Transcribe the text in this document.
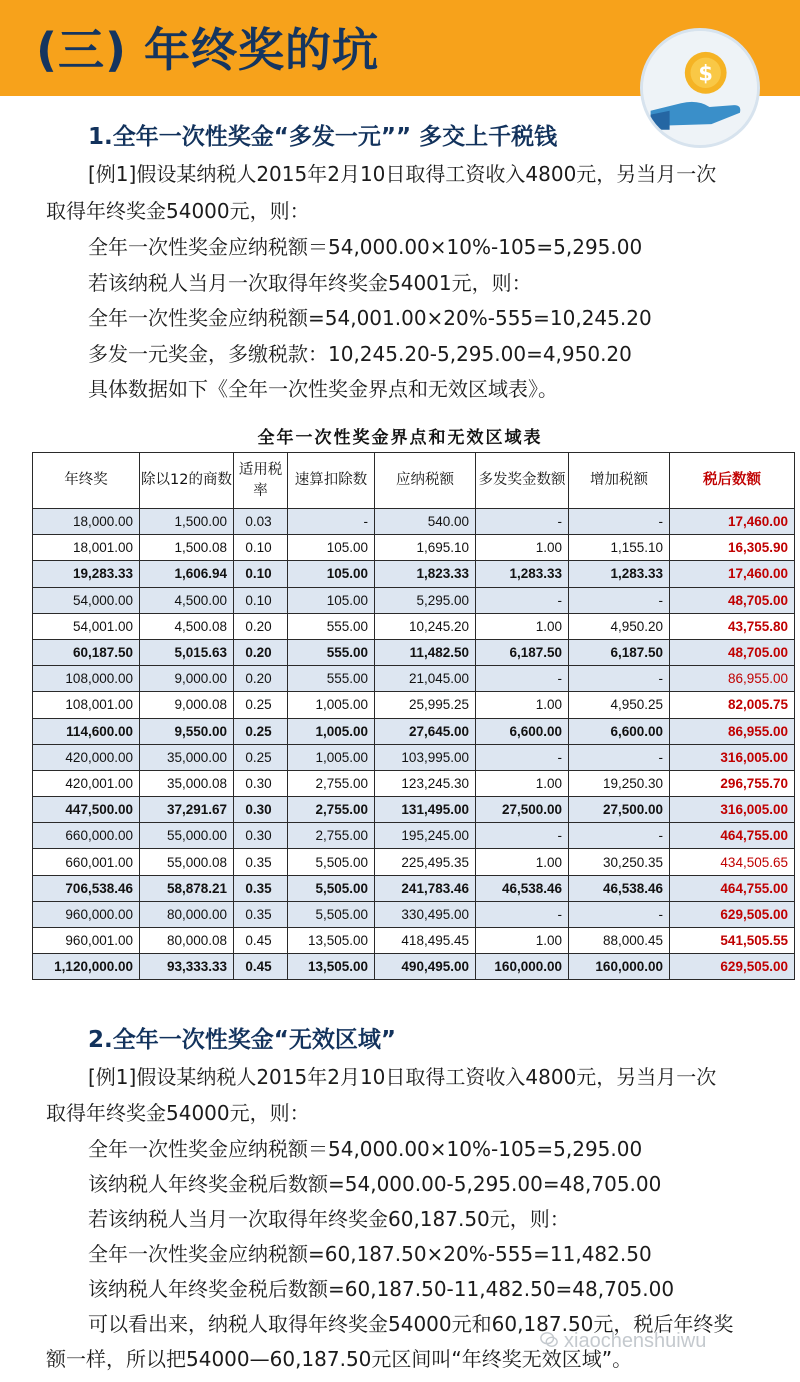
(三) 年终奖的坑	$
1.全年一次性奖金“多发一元”” 多交上千税钱
[例1]假设某纳税人2015年2月10日取得工资收入4800元，另当月一次
取得年终奖金54000元，则：
全年一次性奖金应纳税额＝54,000.00×10%-105=5,295.00
若该纳税人当月一次取得年终奖金54001元，则：
全年一次性奖金应纳税额=54,001.00×20%-555=10,245.20
多发一元奖金，多缴税款：10,245.20-5,295.00=4,950.20
具体数据如下《全年一次性奖金界点和无效区域表》。
全年一次性奖金界点和无效区域表
年终奖	除以12的商数	适用税率	速算扣除数	应纳税额	多发奖金数额	增加税额	税后数额
18,000.00	1,500.00	0.03	-	540.00	-	-	17,460.00
18,001.00	1,500.08	0.10	105.00	1,695.10	1.00	1,155.10	16,305.90
19,283.33	1,606.94	0.10	105.00	1,823.33	1,283.33	1,283.33	17,460.00
54,000.00	4,500.00	0.10	105.00	5,295.00	-	-	48,705.00
54,001.00	4,500.08	0.20	555.00	10,245.20	1.00	4,950.20	43,755.80
60,187.50	5,015.63	0.20	555.00	11,482.50	6,187.50	6,187.50	48,705.00
108,000.00	9,000.00	0.20	555.00	21,045.00	-	-	86,955.00
108,001.00	9,000.08	0.25	1,005.00	25,995.25	1.00	4,950.25	82,005.75
114,600.00	9,550.00	0.25	1,005.00	27,645.00	6,600.00	6,600.00	86,955.00
420,000.00	35,000.00	0.25	1,005.00	103,995.00	-	-	316,005.00
420,001.00	35,000.08	0.30	2,755.00	123,245.30	1.00	19,250.30	296,755.70
447,500.00	37,291.67	0.30	2,755.00	131,495.00	27,500.00	27,500.00	316,005.00
660,000.00	55,000.00	0.30	2,755.00	195,245.00	-	-	464,755.00
660,001.00	55,000.08	0.35	5,505.00	225,495.35	1.00	30,250.35	434,505.65
706,538.46	58,878.21	0.35	5,505.00	241,783.46	46,538.46	46,538.46	464,755.00
960,000.00	80,000.00	0.35	5,505.00	330,495.00	-	-	629,505.00
960,001.00	80,000.08	0.45	13,505.00	418,495.45	1.00	88,000.45	541,505.55
1,120,000.00	93,333.33	0.45	13,505.00	490,495.00	160,000.00	160,000.00	629,505.00
2.全年一次性奖金“无效区域”
[例1]假设某纳税人2015年2月10日取得工资收入4800元，另当月一次
取得年终奖金54000元，则：
全年一次性奖金应纳税额＝54,000.00×10%-105=5,295.00
该纳税人年终奖金税后数额=54,000.00-5,295.00=48,705.00
若该纳税人当月一次取得年终奖金60,187.50元，则：
全年一次性奖金应纳税额=60,187.50×20%-555=11,482.50
该纳税人年终奖金税后数额=60,187.50-11,482.50=48,705.00
可以看出来，纳税人取得年终奖金54000元和60,187.50元，税后年终奖
额一样，所以把54000—60,187.50元区间叫“年终奖无效区域”。
xiaochenshuiwu
